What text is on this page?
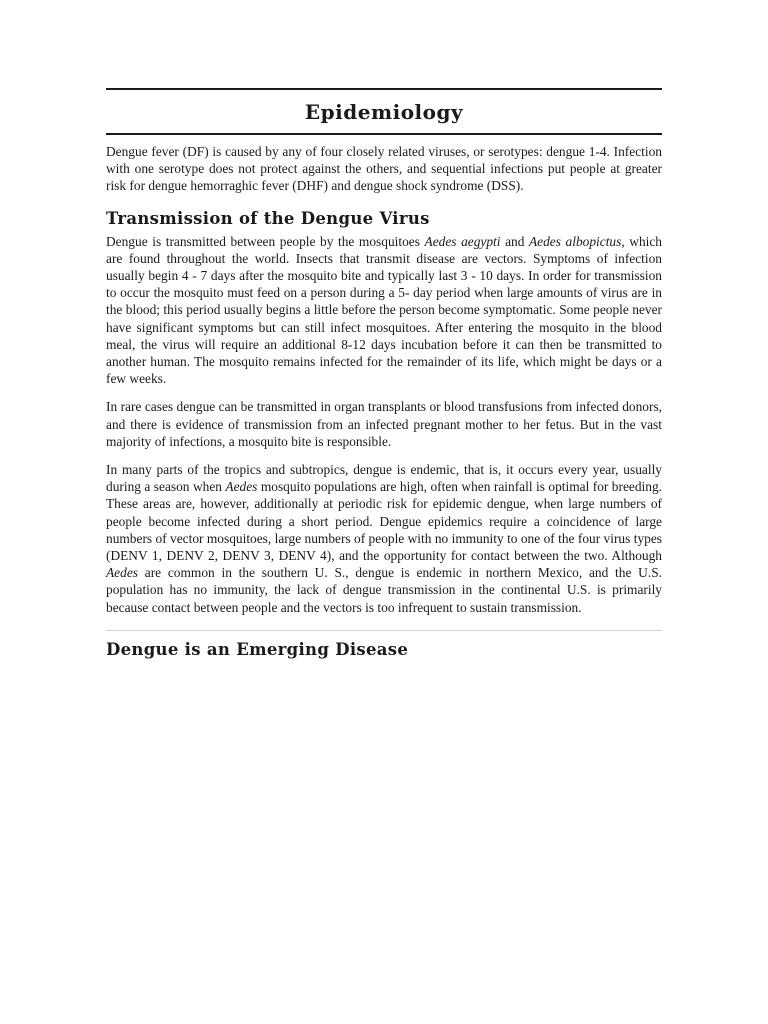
Epidemiology

Dengue fever (DF) is caused by any of four closely related viruses, or serotypes: dengue 1-4. Infection with one serotype does not protect against the others, and sequential infections put people at greater risk for dengue hemorraghic fever (DHF) and dengue shock syndrome (DSS).

Transmission of the Dengue Virus

Dengue is transmitted between people by the mosquitoes Aedes aegypti and Aedes albopictus, which are found throughout the world. Insects that transmit disease are vectors. Symptoms of infection usually begin 4 - 7 days after the mosquito bite and typically last 3 - 10 days. In order for transmission to occur the mosquito must feed on a person during a 5- day period when large amounts of virus are in the blood; this period usually begins a little before the person become symptomatic. Some people never have significant symptoms but can still infect mosquitoes. After entering the mosquito in the blood meal, the virus will require an additional 8-12 days incubation before it can then be transmitted to another human. The mosquito remains infected for the remainder of its life, which might be days or a few weeks.

In rare cases dengue can be transmitted in organ transplants or blood transfusions from infected donors, and there is evidence of transmission from an infected pregnant mother to her fetus. But in the vast majority of infections, a mosquito bite is responsible.

In many parts of the tropics and subtropics, dengue is endemic, that is, it occurs every year, usually during a season when Aedes mosquito populations are high, often when rainfall is optimal for breeding. These areas are, however, additionally at periodic risk for epidemic dengue, when large numbers of people become infected during a short period. Dengue epidemics require a coincidence of large numbers of vector mosquitoes, large numbers of people with no immunity to one of the four virus types (DENV 1, DENV 2, DENV 3, DENV 4), and the opportunity for contact between the two. Although Aedes are common in the southern U. S., dengue is endemic in northern Mexico, and the U.S. population has no immunity, the lack of dengue transmission in the continental U.S. is primarily because contact between people and the vectors is too infrequent to sustain transmission.

Dengue is an Emerging Disease
